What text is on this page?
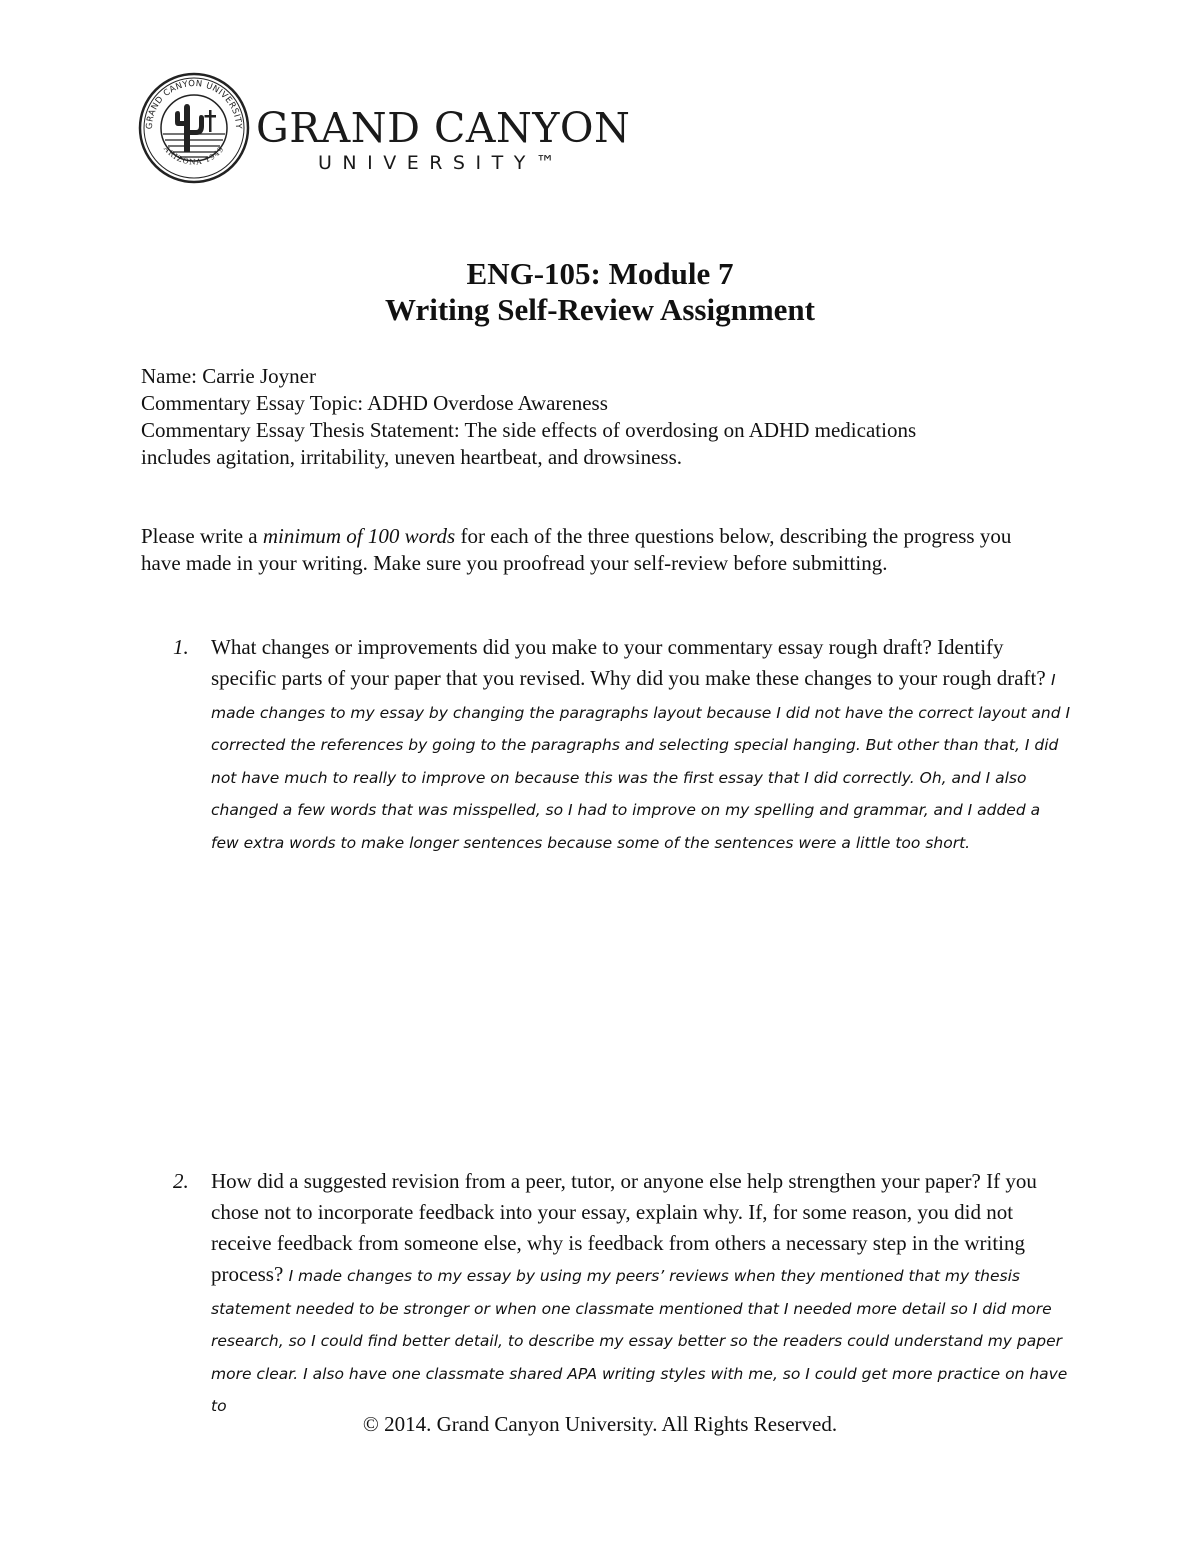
GRAND CANYON UNIVERSITY
ARIZONA 1949 GRAND CANYON
UNIVERSITY™
ENG-105: Module 7
Writing Self-Review Assignment
Name: Carrie Joyner
Commentary Essay Topic: ADHD Overdose Awareness
Commentary Essay Thesis Statement: The side effects of overdosing on ADHD medications
includes agitation, irritability, uneven heartbeat, and drowsiness.
Please write a minimum of 100 words for each of the three questions below, describing the progress you have made in your writing. Make sure you proofread your self-review before submitting.
1. What changes or improvements did you make to your commentary essay rough draft? Identify specific parts of your paper that you revised. Why did you make these changes to your rough draft? I made changes to my essay by changing the paragraphs layout because I did not have the correct layout and I corrected the references by going to the paragraphs and selecting special hanging. But other than that, I did not have much to really to improve on because this was the first essay that I did correctly. Oh, and I also changed a few words that was misspelled, so I had to improve on my spelling and grammar, and I added a few extra words to make longer sentences because some of the sentences were a little too short.
2. How did a suggested revision from a peer, tutor, or anyone else help strengthen your paper? If you chose not to incorporate feedback into your essay, explain why. If, for some reason, you did not receive feedback from someone else, why is feedback from others a necessary step in the writing process? I made changes to my essay by using my peers’ reviews when they mentioned that my thesis statement needed to be stronger or when one classmate mentioned that I needed more detail so I did more research, so I could find better detail, to describe my essay better so the readers could understand my paper more clear. I also have one classmate shared APA writing styles with me, so I could get more practice on have to
© 2014. Grand Canyon University. All Rights Reserved.
